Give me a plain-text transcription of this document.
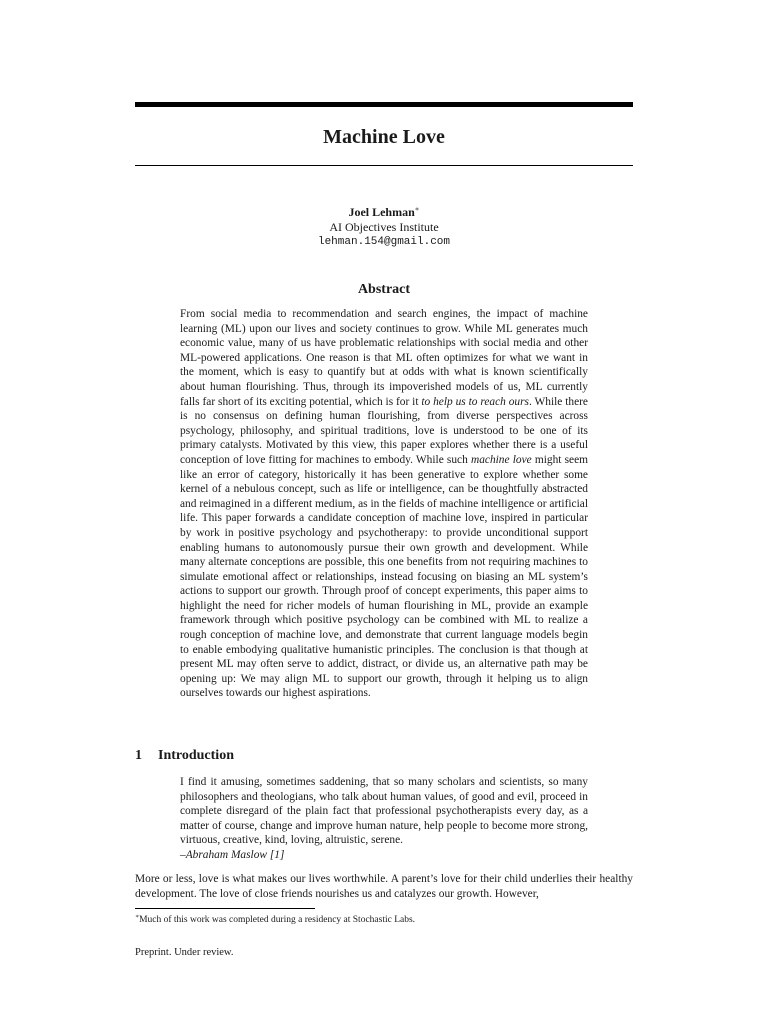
Machine Love
Joel Lehman∗
AI Objectives Institute
lehman.154@gmail.com
Abstract
From social media to recommendation and search engines, the impact of machine learning (ML) upon our lives and society continues to grow. While ML generates much economic value, many of us have problematic relationships with social media and other ML-powered applications. One reason is that ML often optimizes for what we want in the moment, which is easy to quantify but at odds with what is known scientifically about human flourishing. Thus, through its impoverished models of us, ML currently falls far short of its exciting potential, which is for it to help us to reach ours. While there is no consensus on defining human flourishing, from diverse perspectives across psychology, philosophy, and spiritual traditions, love is understood to be one of its primary catalysts. Motivated by this view, this paper explores whether there is a useful conception of love fitting for machines to embody. While such machine love might seem like an error of category, historically it has been generative to explore whether some kernel of a nebulous concept, such as life or intelligence, can be thoughtfully abstracted and reimagined in a different medium, as in the fields of machine intelligence or artificial life. This paper forwards a candidate conception of machine love, inspired in particular by work in positive psychology and psychotherapy: to provide unconditional support enabling humans to autonomously pursue their own growth and development. While many alternate conceptions are possible, this one benefits from not requiring machines to simulate emotional affect or relationships, instead focusing on biasing an ML system’s actions to support our growth. Through proof of concept experiments, this paper aims to highlight the need for richer models of human flourishing in ML, provide an example framework through which positive psychology can be combined with ML to realize a rough conception of machine love, and demonstrate that current language models begin to enable embodying qualitative humanistic principles. The conclusion is that though at present ML may often serve to addict, distract, or divide us, an alternative path may be opening up: We may align ML to support our growth, through it helping us to align ourselves towards our highest aspirations.
1 Introduction
I find it amusing, sometimes saddening, that so many scholars and scientists, so many philosophers and theologians, who talk about human values, of good and evil, proceed in complete disregard of the plain fact that professional psychotherapists every day, as a matter of course, change and improve human nature, help people to become more strong, virtuous, creative, kind, loving, altruistic, serene.
–Abraham Maslow [1]
More or less, love is what makes our lives worthwhile. A parent’s love for their child underlies their healthy development. The love of close friends nourishes us and catalyzes our growth. However,
∗Much of this work was completed during a residency at Stochastic Labs.
Preprint. Under review.
